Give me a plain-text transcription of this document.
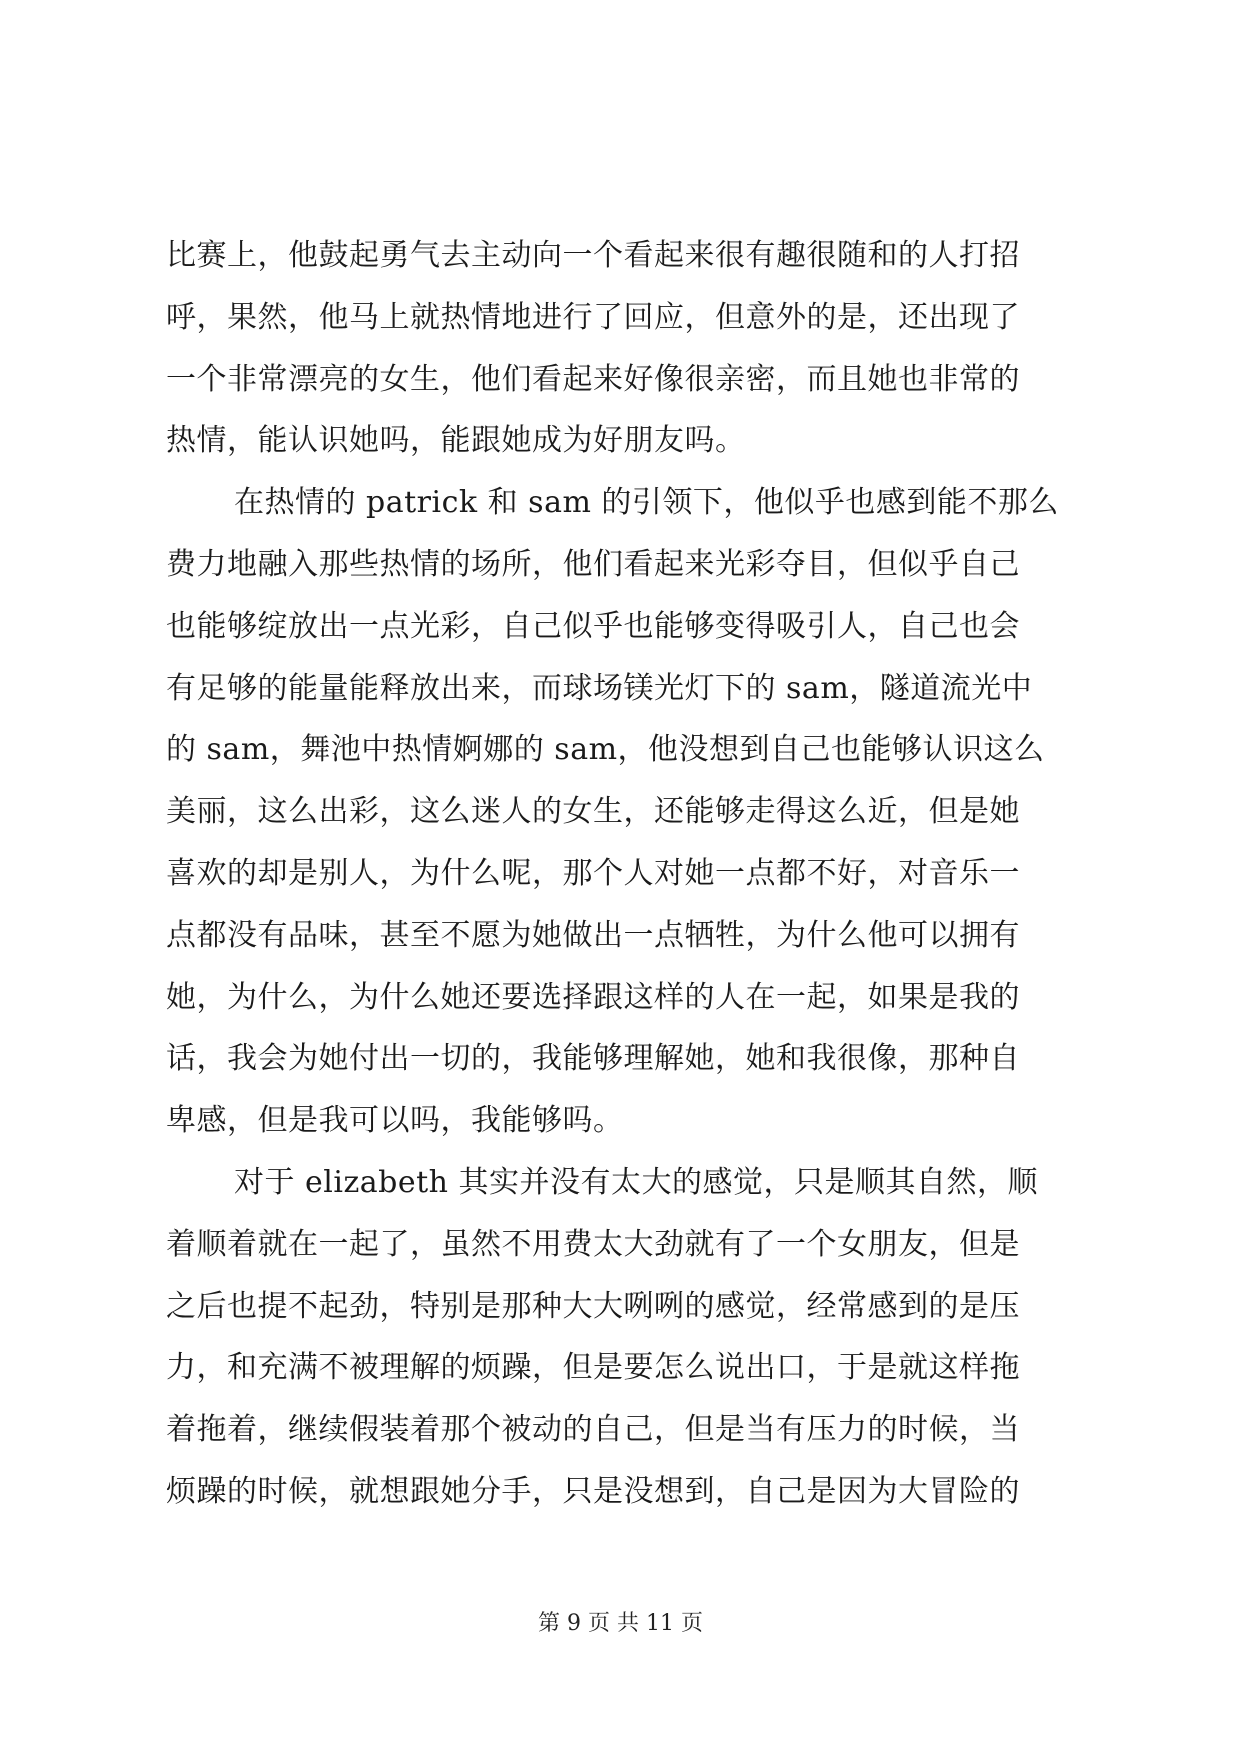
比赛上，他鼓起勇气去主动向一个看起来很有趣很随和的人打招
呼，果然，他马上就热情地进行了回应，但意外的是，还出现了
一个非常漂亮的女生，他们看起来好像很亲密，而且她也非常的
热情，能认识她吗，能跟她成为好朋友吗。
在热情的 patrick 和 sam 的引领下，他似乎也感到能不那么
费力地融入那些热情的场所，他们看起来光彩夺目，但似乎自己
也能够绽放出一点光彩，自己似乎也能够变得吸引人，自己也会
有足够的能量能释放出来，而球场镁光灯下的 sam，隧道流光中
的 sam，舞池中热情婀娜的 sam，他没想到自己也能够认识这么
美丽，这么出彩，这么迷人的女生，还能够走得这么近，但是她
喜欢的却是别人，为什么呢，那个人对她一点都不好，对音乐一
点都没有品味，甚至不愿为她做出一点牺牲，为什么他可以拥有
她，为什么，为什么她还要选择跟这样的人在一起，如果是我的
话，我会为她付出一切的，我能够理解她，她和我很像，那种自
卑感，但是我可以吗，我能够吗。
对于 elizabeth 其实并没有太大的感觉，只是顺其自然，顺
着顺着就在一起了，虽然不用费太大劲就有了一个女朋友，但是
之后也提不起劲，特别是那种大大咧咧的感觉，经常感到的是压
力，和充满不被理解的烦躁，但是要怎么说出口，于是就这样拖
着拖着，继续假装着那个被动的自己，但是当有压力的时候，当
烦躁的时候，就想跟她分手，只是没想到，自己是因为大冒险的
第 9 页 共 11 页
